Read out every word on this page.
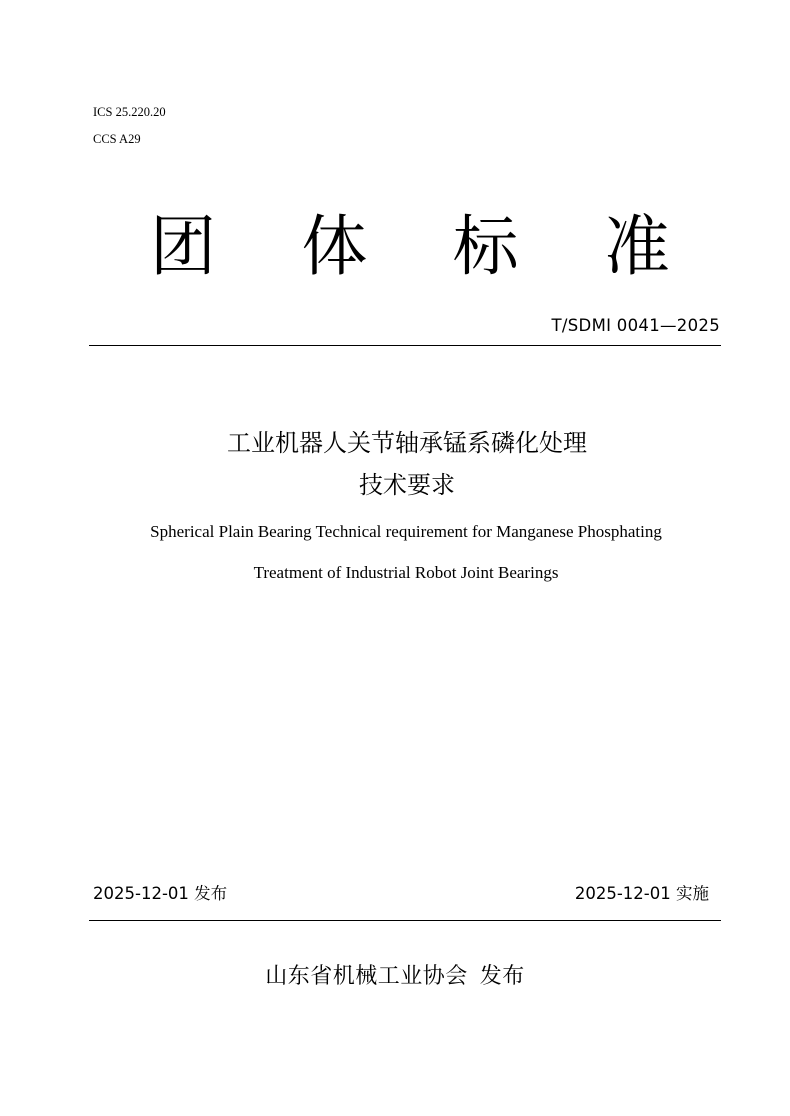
ICS 25.220.20
CCS A29
团 体 标 准
T/SDMI 0041—2025
工业机器人关节轴承锰系磷化处理
技术要求
Spherical Plain Bearing Technical requirement for Manganese Phosphating
Treatment of Industrial Robot Joint Bearings
2025-12-01 发布	2025-12-01 实施
山东省机械工业协会 发布
